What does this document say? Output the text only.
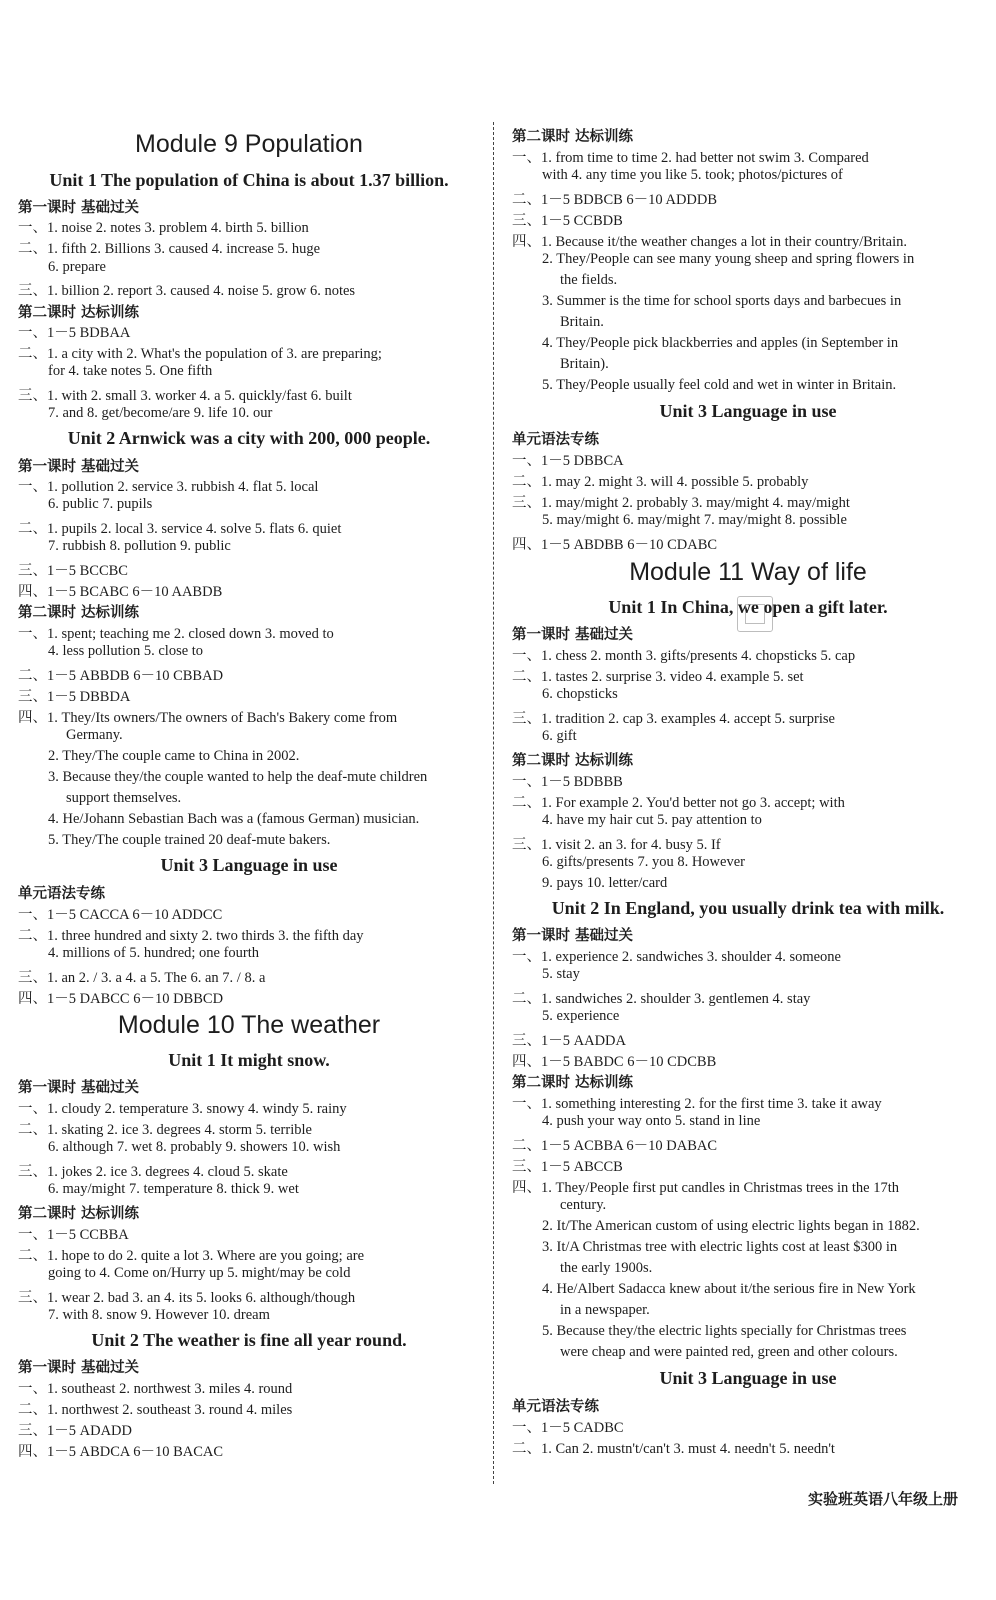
Module 9 Population
Unit 1 The population of China is about 1.37 billion.
第一课时 基础过关
一、1. noise 2. notes 3. problem 4. birth 5. billion
二、1. fifth 2. Billions 3. caused 4. increase 5. huge
6. prepare
三、1. billion 2. report 3. caused 4. noise 5. grow 6. notes
第二课时 达标训练
一、1－5 BDBAA
二、1. a city with 2. What's the population of 3. are preparing;
for 4. take notes 5. One fifth
三、1. with 2. small 3. worker 4. a 5. quickly/fast 6. built
7. and 8. get/become/are 9. life 10. our
Unit 2 Arnwick was a city with 200, 000 people.
第一课时 基础过关
一、1. pollution 2. service 3. rubbish 4. flat 5. local
6. public 7. pupils
二、1. pupils 2. local 3. service 4. solve 5. flats 6. quiet
7. rubbish 8. pollution 9. public
三、1－5 BCCBC
四、1－5 BCABC 6－10 AABDB
第二课时 达标训练
一、1. spent; teaching me 2. closed down 3. moved to
4. less pollution 5. close to
二、1－5 ABBDB 6－10 CBBAD
三、1－5 DBBDA
四、1. They/Its owners/The owners of Bach's Bakery come from
Germany.
2. They/The couple came to China in 2002.
3. Because they/the couple wanted to help the deaf-mute children
support themselves.
4. He/Johann Sebastian Bach was a (famous German) musician.
5. They/The couple trained 20 deaf-mute bakers.
Unit 3 Language in use
单元语法专练
一、1－5 CACCA 6－10 ADDCC
二、1. three hundred and sixty 2. two thirds 3. the fifth day
4. millions of 5. hundred; one fourth
三、1. an 2. / 3. a 4. a 5. The 6. an 7. / 8. a
四、1－5 DABCC 6－10 DBBCD
Module 10 The weather
Unit 1 It might snow.
第一课时 基础过关
一、1. cloudy 2. temperature 3. snowy 4. windy 5. rainy
二、1. skating 2. ice 3. degrees 4. storm 5. terrible
6. although 7. wet 8. probably 9. showers 10. wish
三、1. jokes 2. ice 3. degrees 4. cloud 5. skate
6. may/might 7. temperature 8. thick 9. wet
第二课时 达标训练
一、1－5 CCBBA
二、1. hope to do 2. quite a lot 3. Where are you going; are
going to 4. Come on/Hurry up 5. might/may be cold
三、1. wear 2. bad 3. an 4. its 5. looks 6. although/though
7. with 8. snow 9. However 10. dream
Unit 2 The weather is fine all year round.
第一课时 基础过关
一、1. southeast 2. northwest 3. miles 4. round
二、1. northwest 2. southeast 3. round 4. miles
三、1－5 ADADD
四、1－5 ABDCA 6－10 BACAC
第二课时 达标训练
一、1. from time to time 2. had better not swim 3. Compared
with 4. any time you like 5. took; photos/pictures of
二、1－5 BDBCB 6－10 ADDDB
三、1－5 CCBDB
四、1. Because it/the weather changes a lot in their country/Britain.
2. They/People can see many young sheep and spring flowers in
the fields.
3. Summer is the time for school sports days and barbecues in
Britain.
4. They/People pick blackberries and apples (in September in
Britain).
5. They/People usually feel cold and wet in winter in Britain.
Unit 3 Language in use
单元语法专练
一、1－5 DBBCA
二、1. may 2. might 3. will 4. possible 5. probably
三、1. may/might 2. probably 3. may/might 4. may/might
5. may/might 6. may/might 7. may/might 8. possible
四、1－5 ABDBB 6－10 CDABC
Module 11 Way of life
Unit 1 In China, we open a gift later.
第一课时 基础过关
一、1. chess 2. month 3. gifts/presents 4. chopsticks 5. cap
二、1. tastes 2. surprise 3. video 4. example 5. set
6. chopsticks
三、1. tradition 2. cap 3. examples 4. accept 5. surprise
6. gift
第二课时 达标训练
一、1－5 BDBBB
二、1. For example 2. You'd better not go 3. accept; with
4. have my hair cut 5. pay attention to
三、1. visit 2. an 3. for 4. busy 5. If
6. gifts/presents 7. you 8. However
9. pays 10. letter/card
Unit 2 In England, you usually drink tea with milk.
第一课时 基础过关
一、1. experience 2. sandwiches 3. shoulder 4. someone
5. stay
二、1. sandwiches 2. shoulder 3. gentlemen 4. stay
5. experience
三、1－5 AADDA
四、1－5 BABDC 6－10 CDCBB
第二课时 达标训练
一、1. something interesting 2. for the first time 3. take it away
4. push your way onto 5. stand in line
二、1－5 ACBBA 6－10 DABAC
三、1－5 ABCCB
四、1. They/People first put candles in Christmas trees in the 17th
century.
2. It/The American custom of using electric lights began in 1882.
3. It/A Christmas tree with electric lights cost at least $300 in
the early 1900s.
4. He/Albert Sadacca knew about it/the serious fire in New York
in a newspaper.
5. Because they/the electric lights specially for Christmas trees
were cheap and were painted red, green and other colours.
Unit 3 Language in use
单元语法专练
一、1－5 CADBC
二、1. Can 2. mustn't/can't 3. must 4. needn't 5. needn't
实验班英语八年级上册
